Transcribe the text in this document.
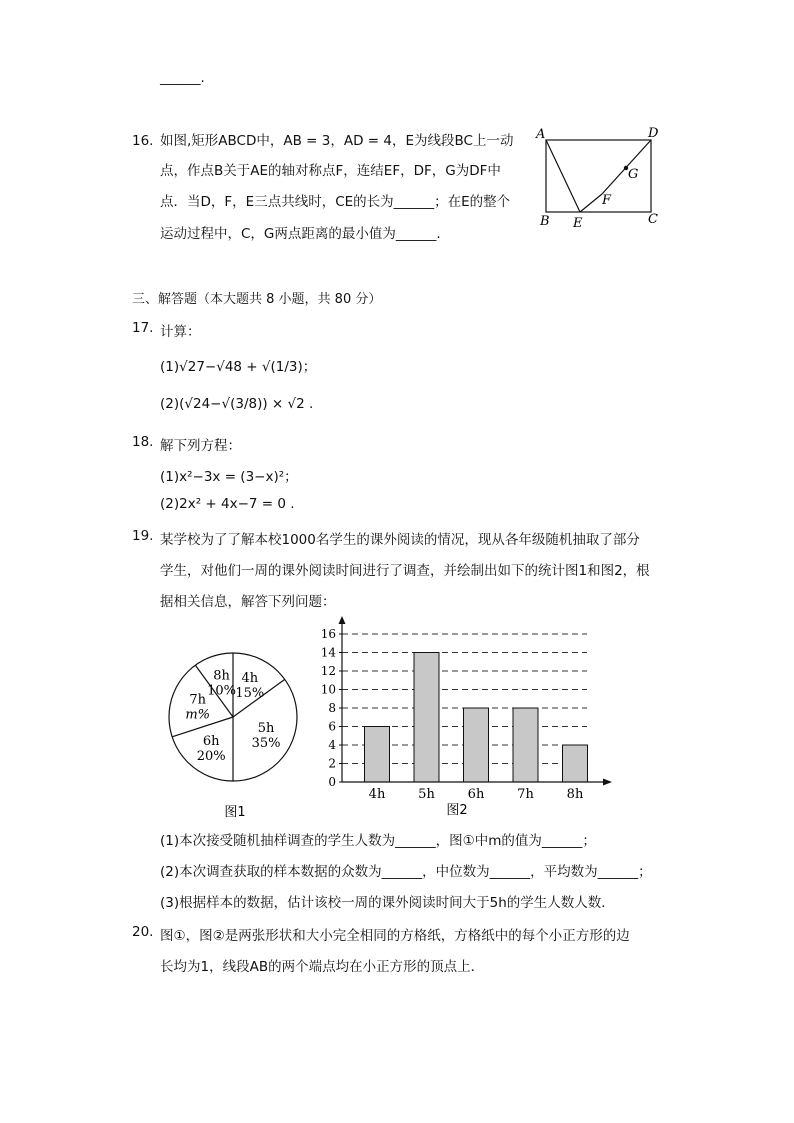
______.
16. 如图,矩形ABCD中，AB = 3，AD = 4，E为线段BC上一动
点，作点B关于AE的轴对称点F，连结EF，DF，G为DF中
点．当D，F，E三点共线时，CE的长为______；在E的整个
运动过程中，C，G两点距离的最小值为______.
A	D
B E	C
F
G
三、解答题（本大题共 8 小题，共 80 分）
17. 计算：
(1)√27−√48 + √(1/3)；
(2)(√24−√(3/8)) × √2 .
18. 解下列方程：
(1)x²−3x = (3−x)²；
(2)2x² + 4x−7 = 0 .
19. 某学校为了了解本校1000名学生的课外阅读的情况，现从各年级随机抽取了部分
学生，对他们一周的课外阅读时间进行了调查，并绘制出如下的统计图1和图2，根
据相关信息，解答下列问题：
4h
15%
5h
35%
6h
20%
7h
m%
8h
10%
图1
0
2
4
6
8
10
12
14
16
4h	5h	6h	7h	8h
图2
(1)本次接受随机抽样调查的学生人数为______，图①中m的值为______；
(2)本次调查获取的样本数据的众数为______，中位数为______，平均数为______；
(3)根据样本的数据，估计该校一周的课外阅读时间大于5h的学生人数人数．
20. 图①，图②是两张形状和大小完全相同的方格纸，方格纸中的每个小正方形的边
长均为1，线段AB的两个端点均在小正方形的顶点上．
